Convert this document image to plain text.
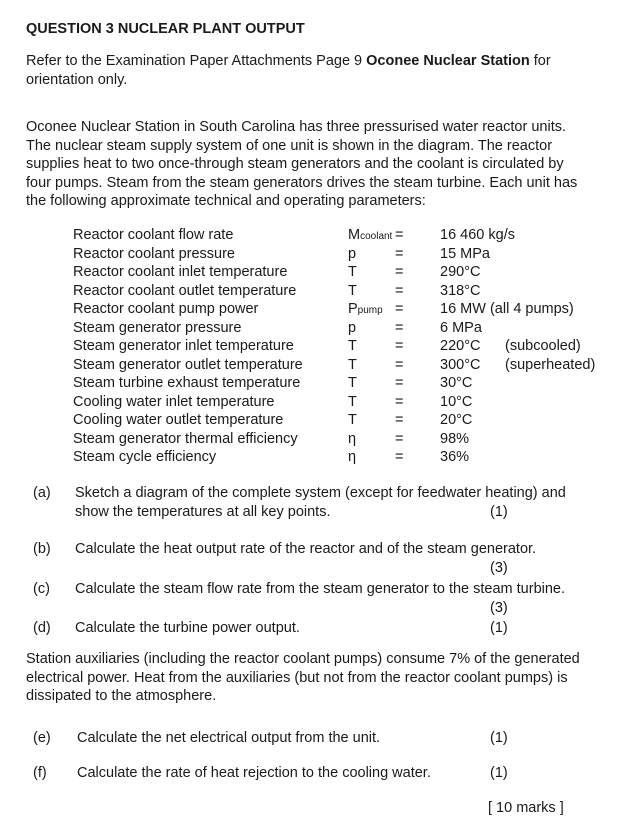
QUESTION 3 NUCLEAR PLANT OUTPUT
Refer to the Examination Paper Attachments Page 9 Oconee Nuclear Station for
orientation only.
Oconee Nuclear Station in South Carolina has three pressurised water reactor units.
The nuclear steam supply system of one unit is shown in the diagram. The reactor
supplies heat to two once-through steam generators and the coolant is circulated by
four pumps. Steam from the steam generators drives the steam turbine. Each unit has
the following approximate technical and operating parameters:
Reactor coolant flow rate	Mcoolant =	16 460 kg/s
Reactor coolant pressure	p	=	15 MPa
Reactor coolant inlet temperature	T	=	290°C
Reactor coolant outlet temperature	T	=	318°C
Reactor coolant pump power	Ppump =	16 MW (all 4 pumps)
Steam generator pressure	p	=	6 MPa
Steam generator inlet temperature	T	=	220°C (subcooled)
Steam generator outlet temperature	T	=	300°C (superheated)
Steam turbine exhaust temperature	T	=	30°C
Cooling water inlet temperature	T	=	10°C
Cooling water outlet temperature	T	=	20°C
Steam generator thermal efficiency	η	=	98%
Steam cycle efficiency	η	=	36%
(a) Sketch a diagram of the complete system (except for feedwater heating) and
show the temperatures at all key points.	(1)
(b) Calculate the heat output rate of the reactor and of the steam generator.
(3)
(c) Calculate the steam flow rate from the steam generator to the steam turbine.
(3)
(d) Calculate the turbine power output.	(1)
Station auxiliaries (including the reactor coolant pumps) consume 7% of the generated
electrical power. Heat from the auxiliaries (but not from the reactor coolant pumps) is
dissipated to the atmosphere.
(e) Calculate the net electrical output from the unit.	(1)
(f) Calculate the rate of heat rejection to the cooling water.	(1)
[ 10 marks ]
